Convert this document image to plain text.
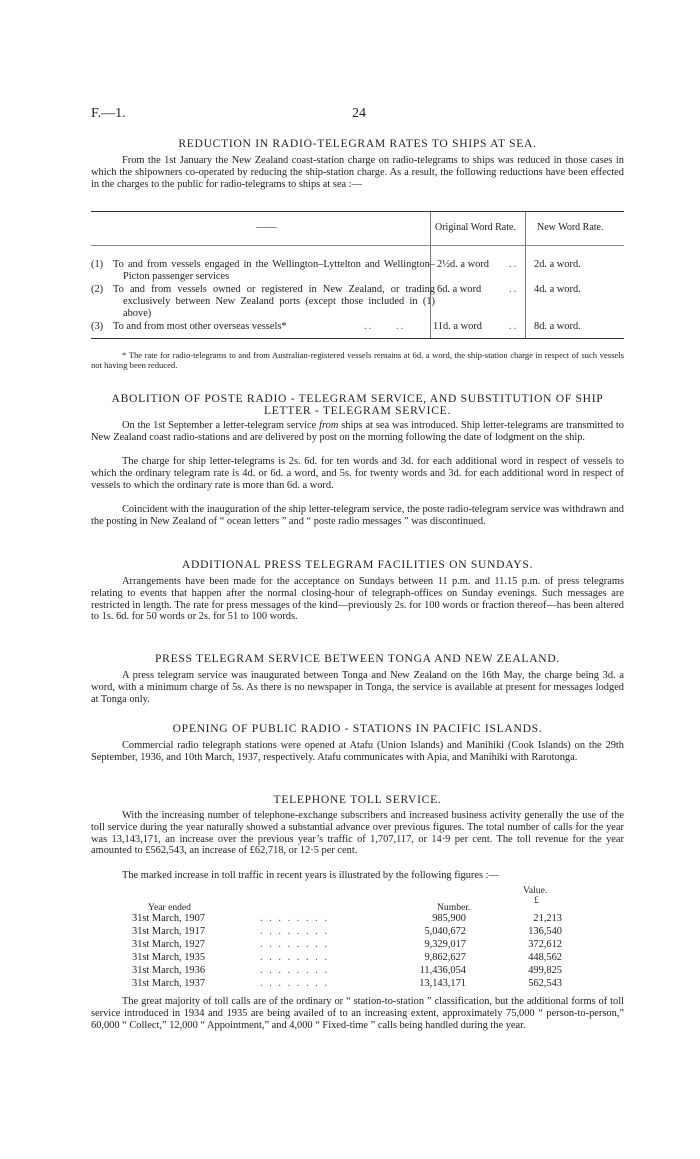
F.—1.	24
REDUCTION IN RADIO-TELEGRAM RATES TO SHIPS AT SEA.
From the 1st January the New Zealand coast-station charge on radio-telegrams to ships was reduced in those cases in which the shipowners co-operated by reducing the ship-station charge. As a result, the following reductions have been effected in the charges to the public for radio-telegrams to ships at sea :—
——	Original Word Rate. New Word Rate.
(1) To and from vessels engaged in the Wellington–Lyttelton and Wellington–Picton passenger services
2½d. a word .. 2d. a word.
(2) To and from vessels owned or registered in New Zealand, or trading exclusively between New Zealand ports (except those included in (1) above)
6d. a word	.. 4d. a word.
(3) To and from most other overseas vessels*	..     ..	11d. a word	.. 8d. a word.
* The rate for radio-telegrams to and from Australian-registered vessels remains at 6d. a word, the ship-station charge in respect of such vessels not having been reduced.
ABOLITION OF POSTE RADIO - TELEGRAM SERVICE, AND SUBSTITUTION OF SHIP
LETTER - TELEGRAM SERVICE.
On the 1st September a letter-telegram service from ships at sea was introduced. Ship letter-telegrams are transmitted to New Zealand coast radio-stations and are delivered by post on the morning following the date of lodgment on the ship.
The charge for ship letter-telegrams is 2s. 6d. for ten words and 3d. for each additional word in respect of vessels to which the ordinary telegram rate is 4d. or 6d. a word, and 5s. for twenty words and 3d. for each additional word in respect of vessels to which the ordinary rate is more than 6d. a word.
Coincident with the inauguration of the ship letter-telegram service, the poste radio-telegram service was withdrawn and the posting in New Zealand of “ ocean letters ” and “ poste radio messages ” was discontinued.
ADDITIONAL PRESS TELEGRAM FACILITIES ON SUNDAYS.
Arrangements have been made for the acceptance on Sundays between 11 p.m. and 11.15 p.m. of press telegrams relating to events that happen after the normal closing-hour of telegraph-offices on Sunday evenings. Such messages are restricted in length. The rate for press messages of the kind—previously 2s. for 100 words or fraction thereof—has been altered to 1s. 6d. for 50 words or 2s. for 51 to 100 words.
PRESS TELEGRAM SERVICE BETWEEN TONGA AND NEW ZEALAND.
A press telegram service was inaugurated between Tonga and New Zealand on the 16th May, the charge being 3d. a word, with a minimum charge of 5s. As there is no newspaper in Tonga, the service is available at present for messages lodged at Tonga only.
OPENING OF PUBLIC RADIO - STATIONS IN PACIFIC ISLANDS.
Commercial radio telegraph stations were opened at Atafu (Union Islands) and Manihiki (Cook Islands) on the 29th September, 1936, and 10th March, 1937, respectively. Atafu communicates with Apia, and Manihiki with Rarotonga.
TELEPHONE TOLL SERVICE.
With the increasing number of telephone-exchange subscribers and increased business activity generally the use of the toll service during the year naturally showed a substantial advance over previous figures. The total number of calls for the year was 13,143,171, an increase over the previous year’s traffic of 1,707,117, or 14·9 per cent. The toll revenue for the year amounted to £562,543, an increase of £62,718, or 12·5 per cent.
The marked increase in toll traffic in recent years is illustrated by the following figures :—
Value.
£
Year ended	Number.
31st March, 1907	. . . . . . . .	985,900	21,213
31st March, 1917	. . . . . . . .	5,040,672	136,540
31st March, 1927	. . . . . . . .	9,329,017	372,612
31st March, 1935	. . . . . . . .	9,862,627	448,562
31st March, 1936	. . . . . . . .	11,436,054	499,825
31st March, 1937	. . . . . . . .	13,143,171	562,543
The great majority of toll calls are of the ordinary or “ station-to-station ” classification, but the additional forms of toll service introduced in 1934 and 1935 are being availed of to an increasing extent, approximately 75,000 “ person-to-person,” 60,000 “ Collect,” 12,000 “ Appointment,” and 4,000 “ Fixed-time ” calls being handled during the year.
